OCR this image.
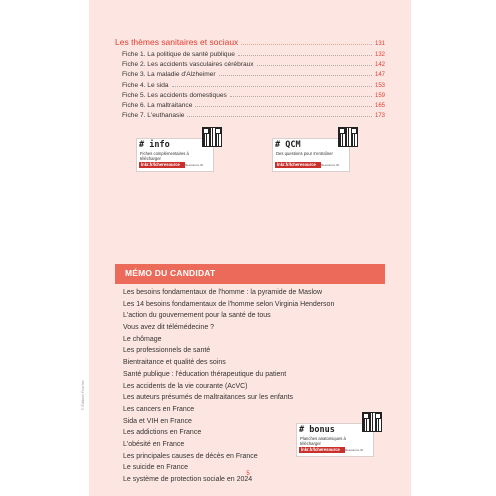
Les thèmes sanitaires et sociaux	131
Fiche 1. La politique de santé publique	132
Fiche 2. Les accidents vasculaires cérébraux	142
Fiche 3. La maladie d'Alzheimer	147
Fiche 4. Le sida	153
Fiche 5. Les accidents domestiques	159
Fiche 6. La maltraitance	165
Fiche 7. L'euthanasie	173
# info
Fiches complémentaires à télécharger
lnkr.fr/lcheresource	Ressource ID
# QCM
Des questions pour s'entraîner
lnkr.fr/lcheresource	Ressource ID
MÉMO DU CANDIDAT
Les besoins fondamentaux de l'homme : la pyramide de Maslow
Les 14 besoins fondamentaux de l'homme selon Virginia Henderson
L'action du gouvernement pour la santé de tous
Vous avez dit télémédecine ?
Le chômage
Les professionnels de santé
Bientraitance et qualité des soins
Santé publique : l'éducation thérapeutique du patient
Les accidents de la vie courante (AcVC)
Les auteurs présumés de maltraitances sur les enfants
Les cancers en France
Sida et VIH en France
Les addictions en France
L'obésité en France
Les principales causes de décès en France
Le suicide en France
Le système de protection sociale en 2024
# bonus
Planches anatomiques à télécharger
lnkr.fr/lcheresource	Ressource ID
© Éditions Foucher
5
